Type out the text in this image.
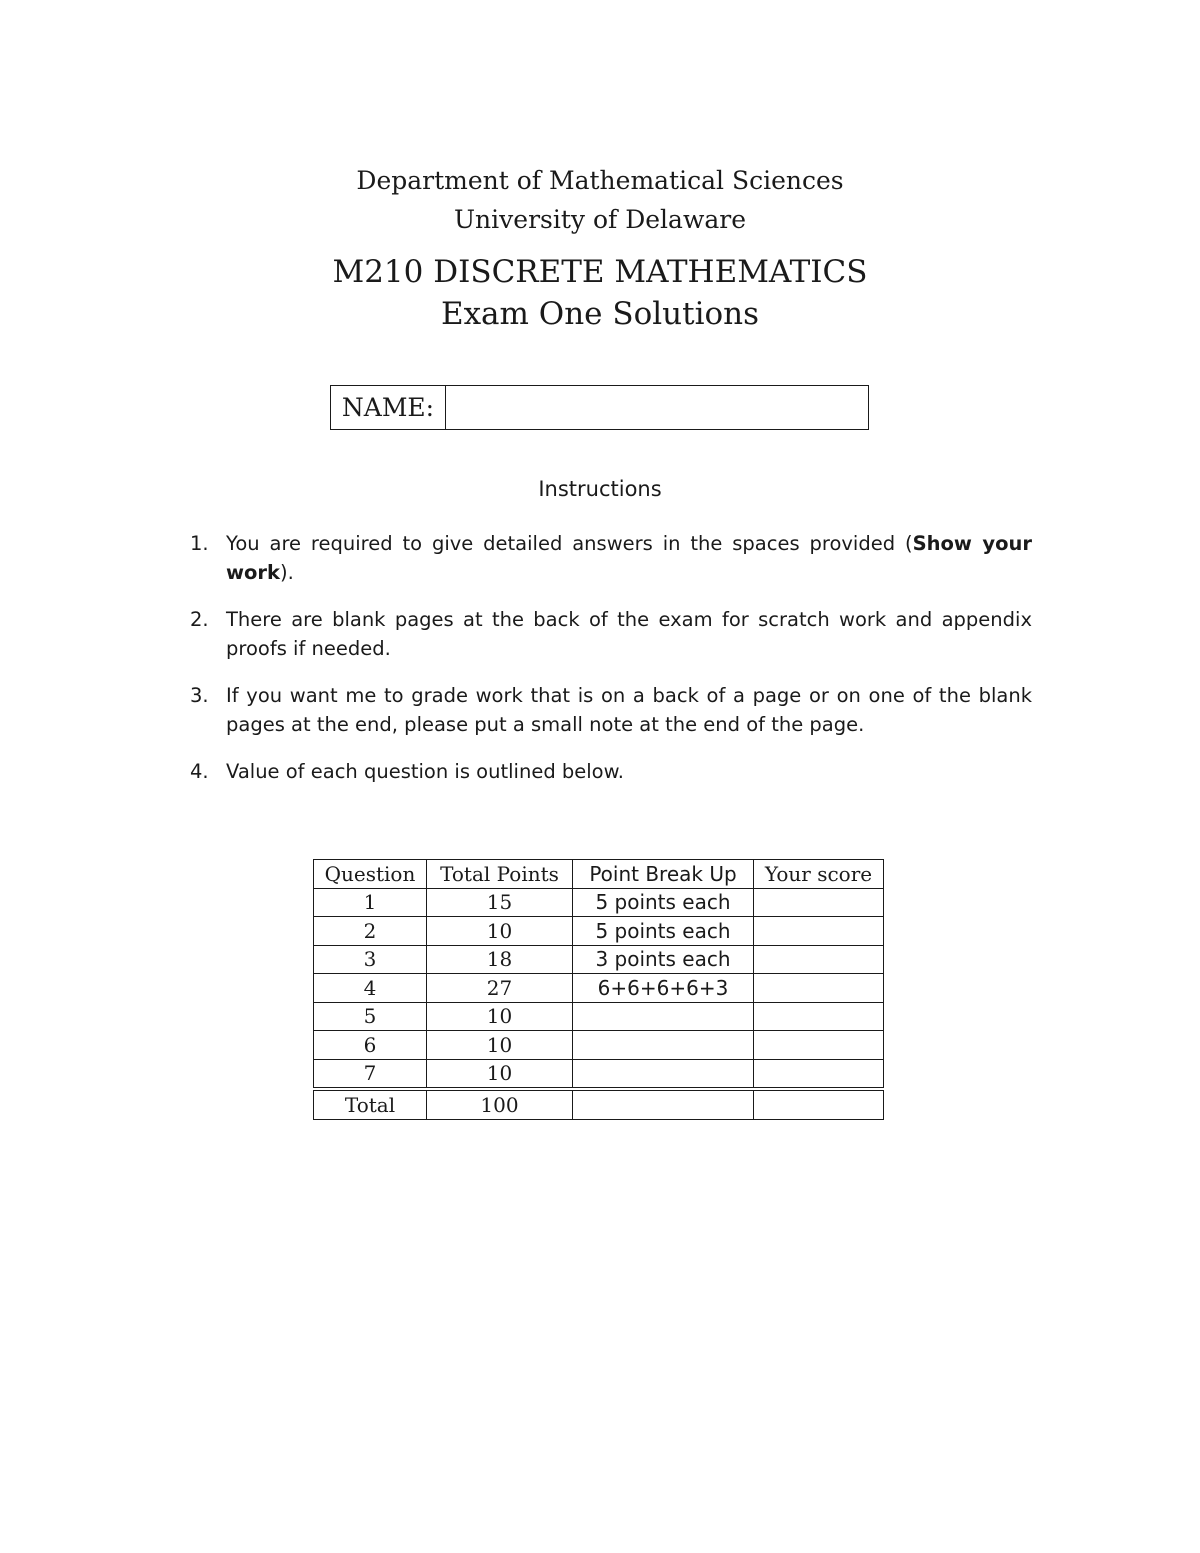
Department of Mathematical Sciences
University of Delaware
M210 DISCRETE MATHEMATICS
Exam One Solutions
NAME:
Instructions
1. You are required to give detailed answers in the spaces provided (Show your work).
2. There are blank pages at the back of the exam for scratch work and appendix proofs if needed.
3. If you want me to grade work that is on a back of a page or on one of the blank pages at the end, please put a small note at the end of the page.
4. Value of each question is outlined below.
Question	Total Points	Point Break Up	Your score
1	15	5 points each	
2	10	5 points each	
3	18	3 points each	
4	27	6+6+6+6+3	
5	10		
6	10		
7	10		
Total	100		
